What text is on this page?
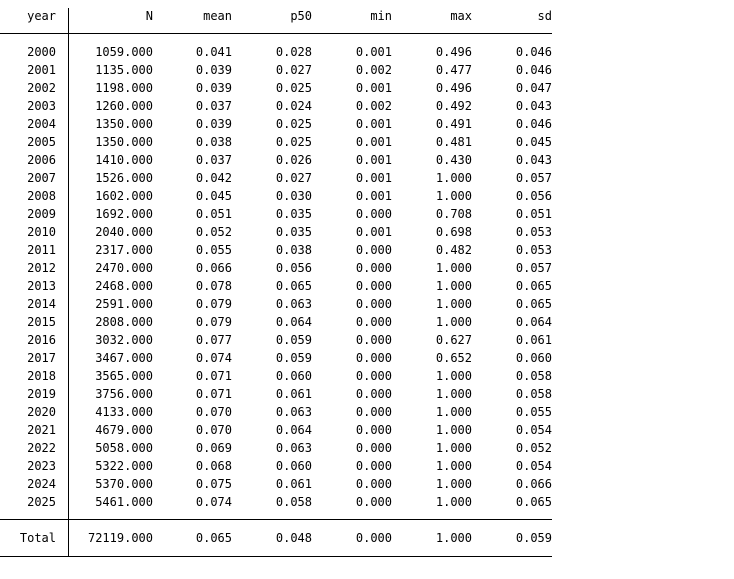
year	N	mean	p50	min	max	sd
2000	1059.000	0.041	0.028	0.001	0.496	0.046
2001	1135.000	0.039	0.027	0.002	0.477	0.046
2002	1198.000	0.039	0.025	0.001	0.496	0.047
2003	1260.000	0.037	0.024	0.002	0.492	0.043
2004	1350.000	0.039	0.025	0.001	0.491	0.046
2005	1350.000	0.038	0.025	0.001	0.481	0.045
2006	1410.000	0.037	0.026	0.001	0.430	0.043
2007	1526.000	0.042	0.027	0.001	1.000	0.057
2008	1602.000	0.045	0.030	0.001	1.000	0.056
2009	1692.000	0.051	0.035	0.000	0.708	0.051
2010	2040.000	0.052	0.035	0.001	0.698	0.053
2011	2317.000	0.055	0.038	0.000	0.482	0.053
2012	2470.000	0.066	0.056	0.000	1.000	0.057
2013	2468.000	0.078	0.065	0.000	1.000	0.065
2014	2591.000	0.079	0.063	0.000	1.000	0.065
2015	2808.000	0.079	0.064	0.000	1.000	0.064
2016	3032.000	0.077	0.059	0.000	0.627	0.061
2017	3467.000	0.074	0.059	0.000	0.652	0.060
2018	3565.000	0.071	0.060	0.000	1.000	0.058
2019	3756.000	0.071	0.061	0.000	1.000	0.058
2020	4133.000	0.070	0.063	0.000	1.000	0.055
2021	4679.000	0.070	0.064	0.000	1.000	0.054
2022	5058.000	0.069	0.063	0.000	1.000	0.052
2023	5322.000	0.068	0.060	0.000	1.000	0.054
2024	5370.000	0.075	0.061	0.000	1.000	0.066
2025	5461.000	0.074	0.058	0.000	1.000	0.065
Total	72119.000	0.065	0.048	0.000	1.000	0.059
